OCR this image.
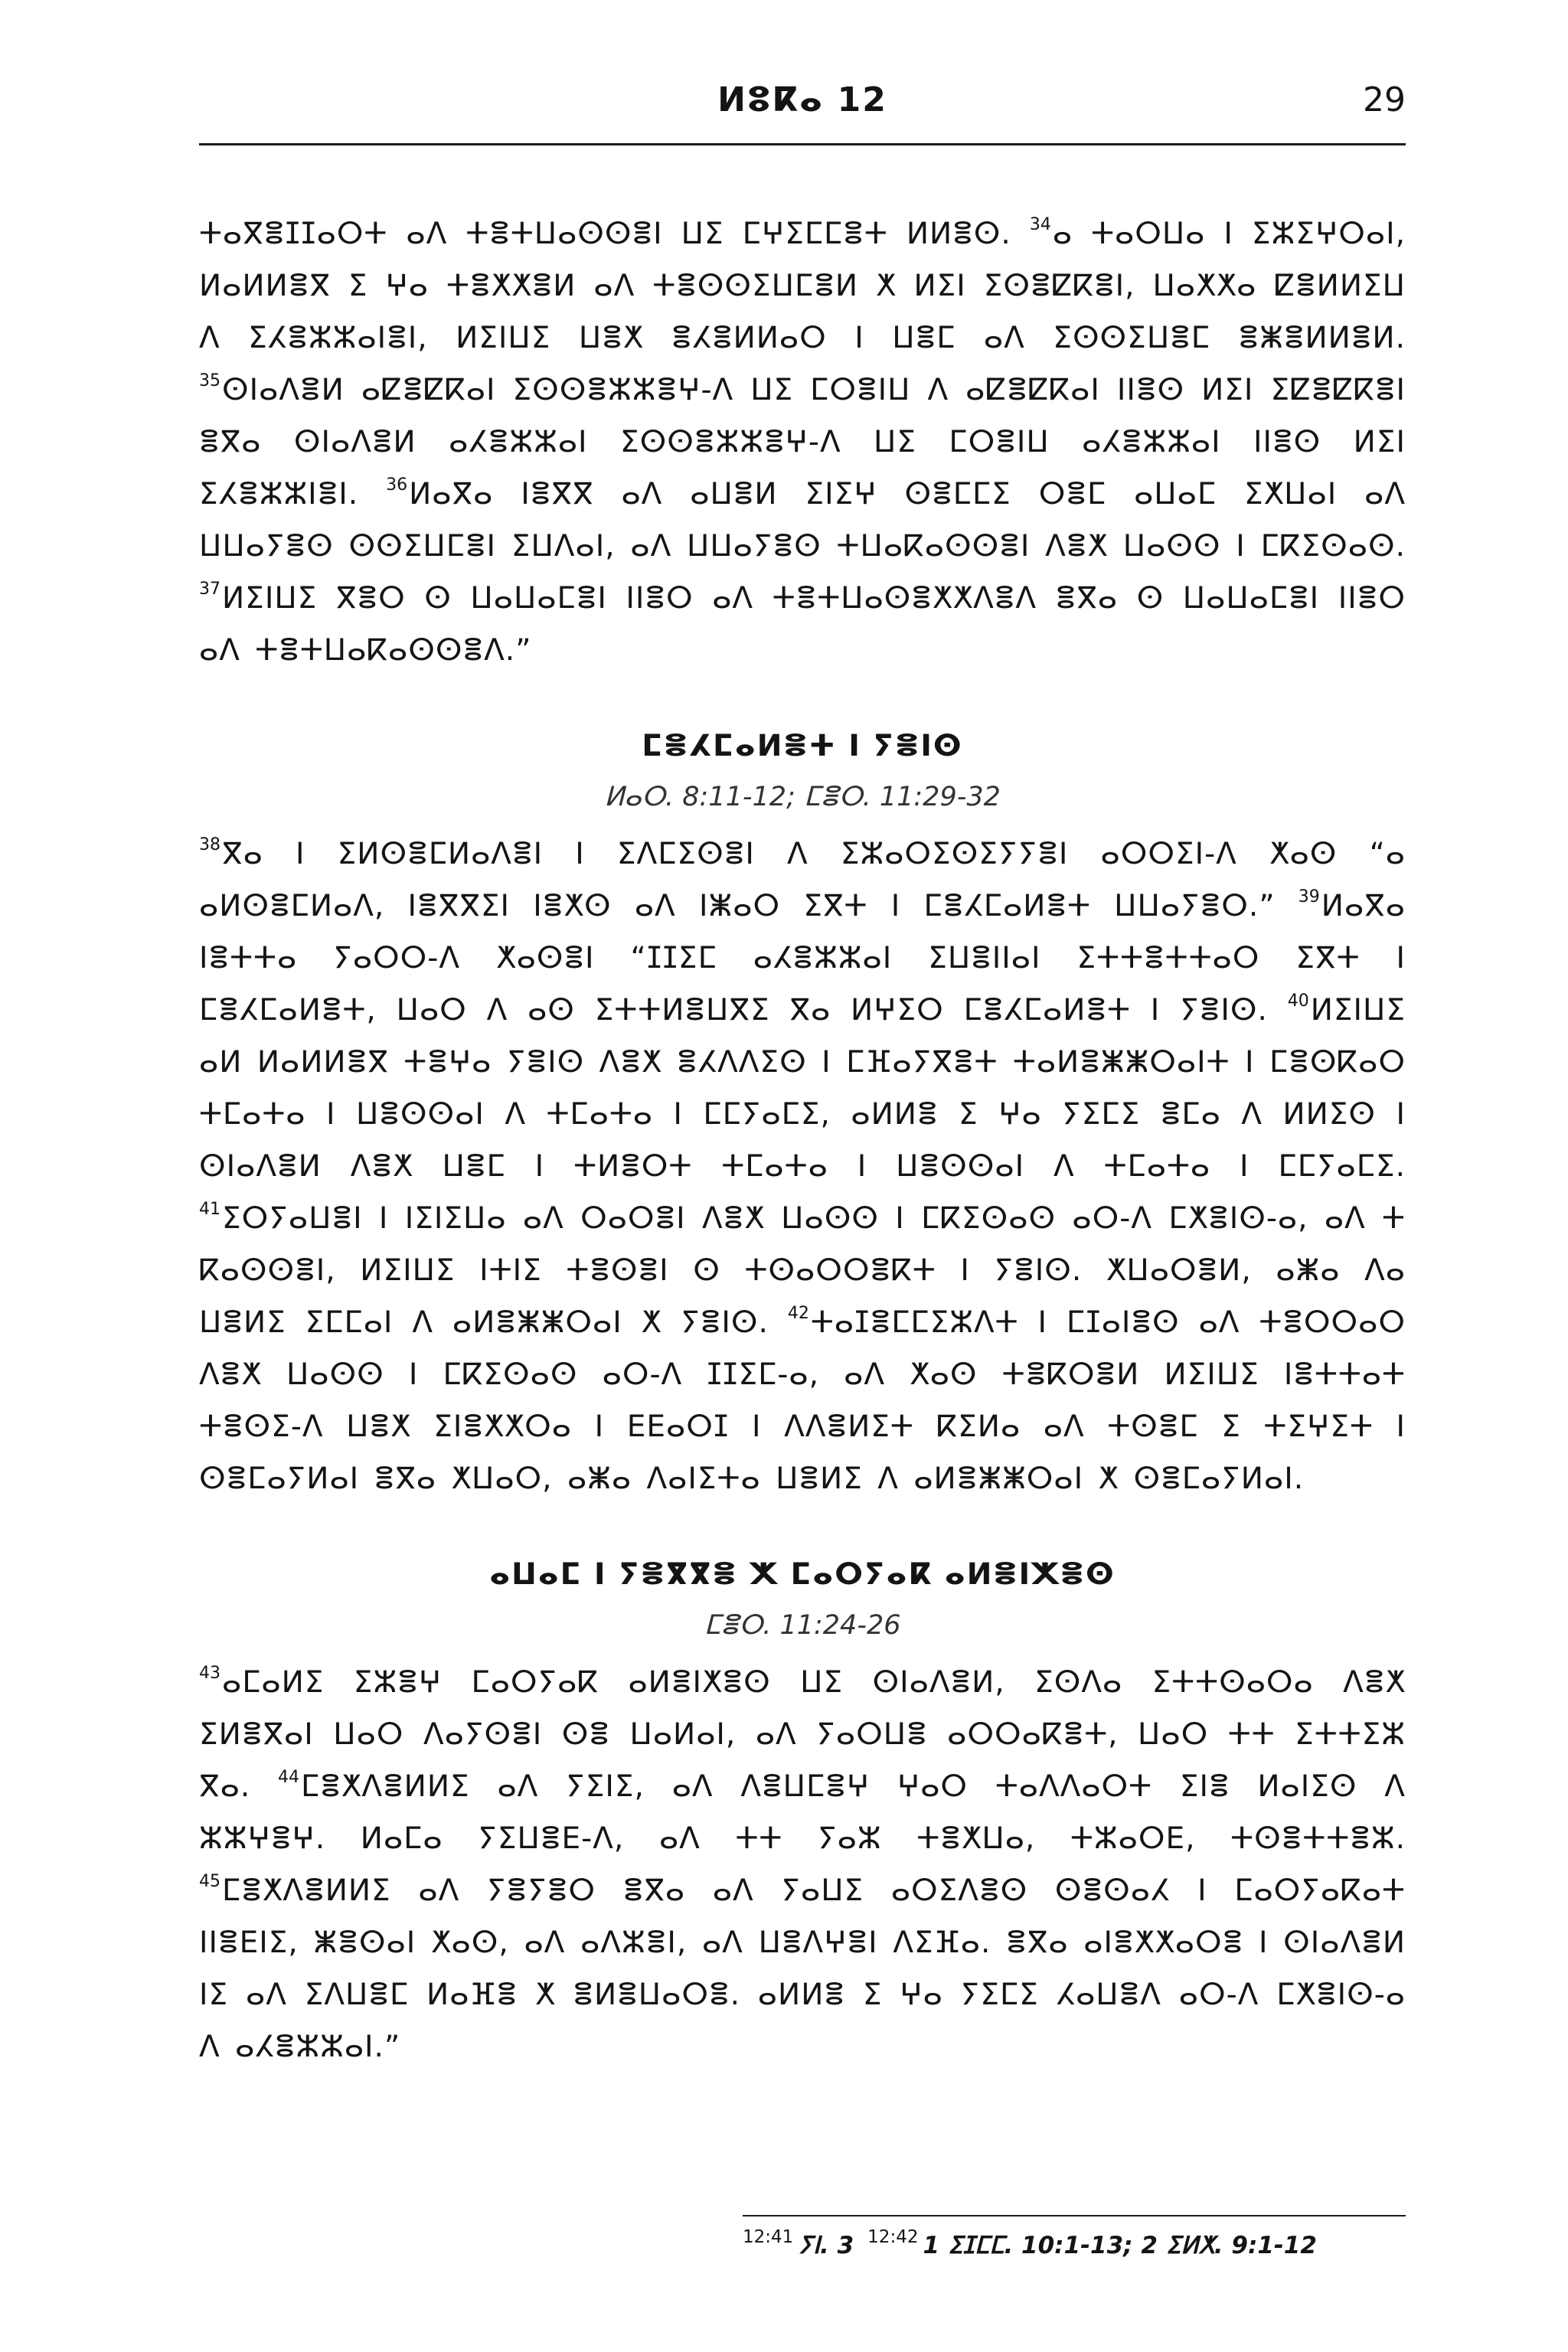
ⵍⵓⴽⴰ 12	29

ⵜⴰⴳⴻⵊⵊⴰⵔⵜ ⴰⴷ ⵜⴻⵜⵡⴰⵙⵙⴻⵏ ⵡⵉ ⵎⵖⵉⵎⵎⴻⵜ ⵍⵍⴻⵙ. $^{34}$ⴰ ⵜⴰⵔⵡⴰ ⵏ ⵉⵣⵉⵖⵔⴰⵏ, ⵍⴰⵍⵍⴻⴳ ⵉ ⵖⴰ ⵜⴻⵅⵅⴻⵍ ⴰⴷ ⵜⴻⵙⵙⵉⵡⵎⴻⵍ ⵅ ⵍⵉⵏ ⵉⵙⴻⵇⴽⴻⵏ, ⵡⴰⵅⵅⴰ ⵇⴻⵍⵍⵉⵡ ⴷ ⵉⵃⴻⵣⵣⴰⵏⴻⵏ, ⵍⵉⵏⵡⵉ ⵡⴻⵅ ⴻⵃⴻⵍⵍⴰⵔ ⵏ ⵡⴻⵎ ⴰⴷ ⵉⵙⵙⵉⵡⴻⵎ ⴻⵥⴻⵍⵍⴻⵍ. $^{35}$ⵙⵏⴰⴷⴻⵍ ⴰⵇⴻⵇⴽⴰⵏ ⵉⵙⵙⴻⵣⵣⴻⵖ-ⴷ ⵡⵉ ⵎⵔⴻⵏⵡ ⴷ ⴰⵇⴻⵇⴽⴰⵏ ⵏⵏⴻⵙ ⵍⵉⵏ ⵉⵇⴻⵇⴽⴻⵏ ⴻⴳⴰ ⵙⵏⴰⴷⴻⵍ ⴰⵃⴻⵣⵣⴰⵏ ⵉⵙⵙⴻⵣⵣⴻⵖ-ⴷ ⵡⵉ ⵎⵔⴻⵏⵡ ⴰⵃⴻⵣⵣⴰⵏ ⵏⵏⴻⵙ ⵍⵉⵏ ⵉⵃⴻⵣⵣⵏⴻⵏ. $^{36}$ⵍⴰⴳⴰ ⵏⴻⴳⴳ ⴰⴷ ⴰⵡⴻⵍ ⵉⵏⵉⵖ ⵙⴻⵎⵎⵉ ⵔⴻⵎ ⴰⵡⴰⵎ ⵉⵅⵡⴰⵏ ⴰⴷ ⵡⵡⴰⵢⴻⵙ ⵙⵙⵉⵡⵎⴻⵏ ⵉⵡⴷⴰⵏ, ⴰⴷ ⵡⵡⴰⵢⴻⵙ ⵜⵡⴰⴽⴰⵙⵙⴻⵏ ⴷⴻⵅ ⵡⴰⵙⵙ ⵏ ⵎⴽⵉⵙⴰⵙ. $^{37}$ⵍⵉⵏⵡⵉ ⴳⴻⵔ ⵙ ⵡⴰⵡⴰⵎⴻⵏ ⵏⵏⴻⵔ ⴰⴷ ⵜⴻⵜⵡⴰⵙⴻⵅⵅⴷⴻⴷ ⴻⴳⴰ ⵙ ⵡⴰⵡⴰⵎⴻⵏ ⵏⵏⴻⵔ ⴰⴷ ⵜⴻⵜⵡⴰⴽⴰⵙⵙⴻⴷ.”

ⵎⴻⵃⵎⴰⵍⴻⵜ ⵏ ⵢⴻⵏⵙ
ⵍⴰⵔ. 8:11-12; ⵎⴻⵔ. 11:29-32

$^{38}$ⴳⴰ ⵏ ⵉⵍⵙⴻⵎⵍⴰⴷⴻⵏ ⵏ ⵉⴷⵎⵉⵙⴻⵏ ⴷ ⵉⵣⴰⵔⵉⵙⵉⵢⵢⴻⵏ ⴰⵔⵔⵉⵏ-ⴷ ⵅⴰⵙ “ⴰ ⴰⵍⵙⴻⵎⵍⴰⴷ, ⵏⴻⴳⴳⵉⵏ ⵏⴻⵅⵙ ⴰⴷ ⵏⵥⴰⵔ ⵉⴳⵜ ⵏ ⵎⴻⵃⵎⴰⵍⴻⵜ ⵡⵡⴰⵢⴻⵔ.” $^{39}$ⵍⴰⴳⴰ ⵏⴻⵜⵜⴰ ⵢⴰⵔⵔ-ⴷ ⵅⴰⵙⴻⵏ “ⵊⵊⵉⵎ ⴰⵃⴻⵣⵣⴰⵏ ⵉⵡⴻⵏⵏⴰⵏ ⵉⵜⵜⴻⵜⵜⴰⵔ ⵉⴳⵜ ⵏ ⵎⴻⵃⵎⴰⵍⴻⵜ, ⵡⴰⵔ ⴷ ⴰⵙ ⵉⵜⵜⵍⴻⵡⴳⵉ ⴳⴰ ⵍⵖⵉⵔ ⵎⴻⵃⵎⴰⵍⴻⵜ ⵏ ⵢⴻⵏⵙ. $^{40}$ⵍⵉⵏⵡⵉ ⴰⵍ ⵍⴰⵍⵍⴻⴳ ⵜⴻⵖⴰ ⵢⴻⵏⵙ ⴷⴻⵅ ⴻⵃⴷⴷⵉⵙ ⵏ ⵎⴼⴰⵢⴳⴻⵜ ⵜⴰⵍⴻⵥⵥⵔⴰⵏⵜ ⵏ ⵎⴻⵙⴽⴰⵔ ⵜⵎⴰⵜⴰ ⵏ ⵡⴻⵙⵙⴰⵏ ⴷ ⵜⵎⴰⵜⴰ ⵏ ⵎⵎⵢⴰⵎⵉ, ⴰⵍⵍⴻ ⵉ ⵖⴰ ⵢⵉⵎⵉ ⴻⵎⴰ ⴷ ⵍⵍⵉⵙ ⵏ ⵙⵏⴰⴷⴻⵍ ⴷⴻⵅ ⵡⴻⵎ ⵏ ⵜⵍⴻⵔⵜ ⵜⵎⴰⵜⴰ ⵏ ⵡⴻⵙⵙⴰⵏ ⴷ ⵜⵎⴰⵜⴰ ⵏ ⵎⵎⵢⴰⵎⵉ. $^{41}$ⵉⵔⵢⴰⵡⴻⵏ ⵏ ⵏⵉⵏⵉⵡⴰ ⴰⴷ ⵔⴰⵔⴻⵏ ⴷⴻⵅ ⵡⴰⵙⵙ ⵏ ⵎⴽⵉⵙⴰⵙ ⴰⵔ-ⴷ ⵎⵅⴻⵏⵙ-ⴰ, ⴰⴷ ⵜ ⴽⴰⵙⵙⴻⵏ, ⵍⵉⵏⵡⵉ ⵏⵜⵏⵉ ⵜⴻⵙⴻⵏ ⵙ ⵜⵙⴰⵔⵔⴻⴽⵜ ⵏ ⵢⴻⵏⵙ. ⵅⵡⴰⵔⴻⵍ, ⴰⵥⴰ ⴷⴰ ⵡⴻⵍⵉ ⵉⵎⵎⴰⵏ ⴷ ⴰⵍⴻⵥⵥⵔⴰⵏ ⵅ ⵢⴻⵏⵙ. $^{42}$ⵜⴰⵊⴻⵎⵎⵉⵣⴷⵜ ⵏ ⵎⵊⴰⵏⴻⵙ ⴰⴷ ⵜⴻⵔⵔⴰⵔ ⴷⴻⵅ ⵡⴰⵙⵙ ⵏ ⵎⴽⵉⵙⴰⵙ ⴰⵔ-ⴷ ⵊⵊⵉⵎ-ⴰ, ⴰⴷ ⵅⴰⵙ ⵜⴻⴽⵔⴻⵍ ⵍⵉⵏⵡⵉ ⵏⴻⵜⵜⴰⵜ ⵜⴻⵙⵉ-ⴷ ⵡⴻⵅ ⵉⵏⴻⵅⵅⵔⴰ ⵏ ⴹⴹⴰⵔⵊ ⵏ ⴷⴷⴻⵍⵉⵜ ⴽⵉⵍⴰ ⴰⴷ ⵜⵙⴻⵎ ⵉ ⵜⵉⵖⵉⵜ ⵏ ⵙⴻⵎⴰⵢⵍⴰⵏ ⴻⴳⴰ ⵅⵡⴰⵔ, ⴰⵥⴰ ⴷⴰⵏⵉⵜⴰ ⵡⴻⵍⵉ ⴷ ⴰⵍⴻⵥⵥⵔⴰⵏ ⵅ ⵙⴻⵎⴰⵢⵍⴰⵏ.

ⴰⵡⴰⵎ ⵏ ⵢⴻⴳⴳⴻ ⵅ ⵎⴰⵔⵢⴰⴽ ⴰⵍⴻⵏⵅⴻⵙ
ⵎⴻⵔ. 11:24-26

$^{43}$ⴰⵎⴰⵍⵉ ⵉⵣⴻⵖ ⵎⴰⵔⵢⴰⴽ ⴰⵍⴻⵏⵅⴻⵙ ⵡⵉ ⵙⵏⴰⴷⴻⵍ, ⵉⵙⴷⴰ ⵉⵜⵜⵙⴰⵔⴰ ⴷⴻⵅ ⵉⵍⴻⴳⴰⵏ ⵡⴰⵔ ⴷⴰⵢⵙⴻⵏ ⵙⴻ ⵡⴰⵍⴰⵏ, ⴰⴷ ⵢⴰⵔⵡⴻ ⴰⵔⵔⴰⴽⴻⵜ, ⵡⴰⵔ ⵜⵜ ⵉⵜⵜⵉⵣ ⴳⴰ. $^{44}$ⵎⴻⵅⴷⴻⵍⵍⵉ ⴰⴷ ⵢⵉⵏⵉ, ⴰⴷ ⴷⴻⵡⵎⴻⵖ ⵖⴰⵔ ⵜⴰⴷⴷⴰⵔⵜ ⵉⵏⴻ ⵍⴰⵏⵉⵙ ⴷ ⵣⵣⵖⴻⵖ. ⵍⴰⵎⴰ ⵢⵉⵡⴻⴹ-ⴷ, ⴰⴷ ⵜⵜ ⵢⴰⵣ ⵜⴻⵅⵡⴰ, ⵜⵣⴰⵔⴹ, ⵜⵙⴻⵜⵜⴻⵣ. $^{45}$ⵎⴻⵅⴷⴻⵍⵍⵉ ⴰⴷ ⵢⴻⵢⴻⵔ ⴻⴳⴰ ⴰⴷ ⵢⴰⵡⵉ ⴰⵔⵉⴷⴻⵙ ⵙⴻⵙⴰⵃ ⵏ ⵎⴰⵔⵢⴰⴽⴰⵜ ⵏⵏⴻⴹⵏⵉ, ⵥⴻⵙⴰⵏ ⵅⴰⵙ, ⴰⴷ ⴰⴷⵣⴻⵏ, ⴰⴷ ⵡⴻⴷⵖⴻⵏ ⴷⵉⴼⴰ. ⴻⴳⴰ ⴰⵏⴻⵅⵅⴰⵔⴻ ⵏ ⵙⵏⴰⴷⴻⵍ ⵏⵉ ⴰⴷ ⵉⴷⵡⴻⵎ ⵍⴰⴼⴻ ⵅ ⴻⵍⴻⵡⴰⵔⴻ. ⴰⵍⵍⴻ ⵉ ⵖⴰ ⵢⵉⵎⵉ ⵃⴰⵡⴻⴷ ⴰⵔ-ⴷ ⵎⵅⴻⵏⵙ-ⴰ ⴷ ⴰⵃⴻⵣⵣⴰⵏ.”

$^{12:41}$ ⵢⵏ. 3 $^{12:42}$ 1 ⵉⵊⵎⵎ. 10:1-13; 2 ⵉⵍⵅ. 9:1-12
